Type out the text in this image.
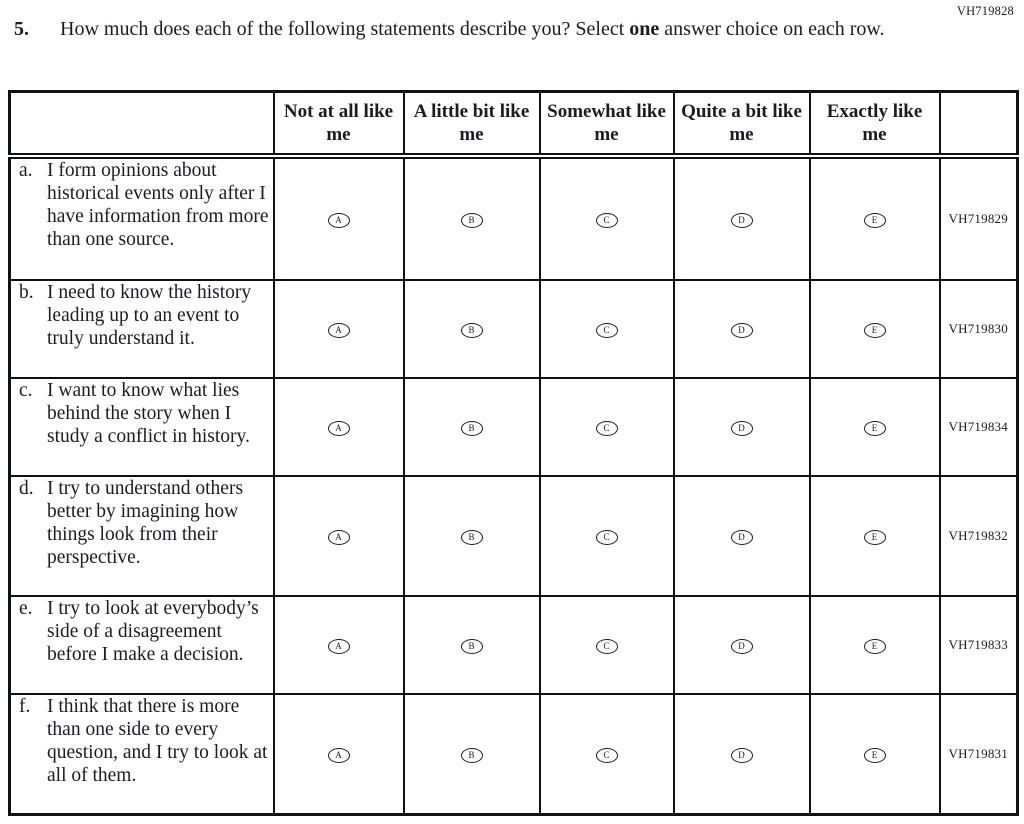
VH719828
5.	How much does each of the following statements describe you? Select one answer choice on each row.
	Not at all like me	A little bit like me	Somewhat like me	Quite a bit like me	Exactly like me	

a. I form opinions about historical events only after I have information from more than one source.	A	B	C	D	E	VH719829

b. I need to know the history leading up to an event to truly understand it.	A	B	C	D	E	VH719830

c. I want to know what lies behind the story when I study a conflict in history.	A	B	C	D	E	VH719834

d. I try to understand others better by imagining how things look from their perspective.	A	B	C	D	E	VH719832

e. I try to look at everybody’s side of a disagreement before I make a decision.	A	B	C	D	E	VH719833

f. I think that there is more than one side to every question, and I try to look at all of them.	A	B	C	D	E	VH719831
